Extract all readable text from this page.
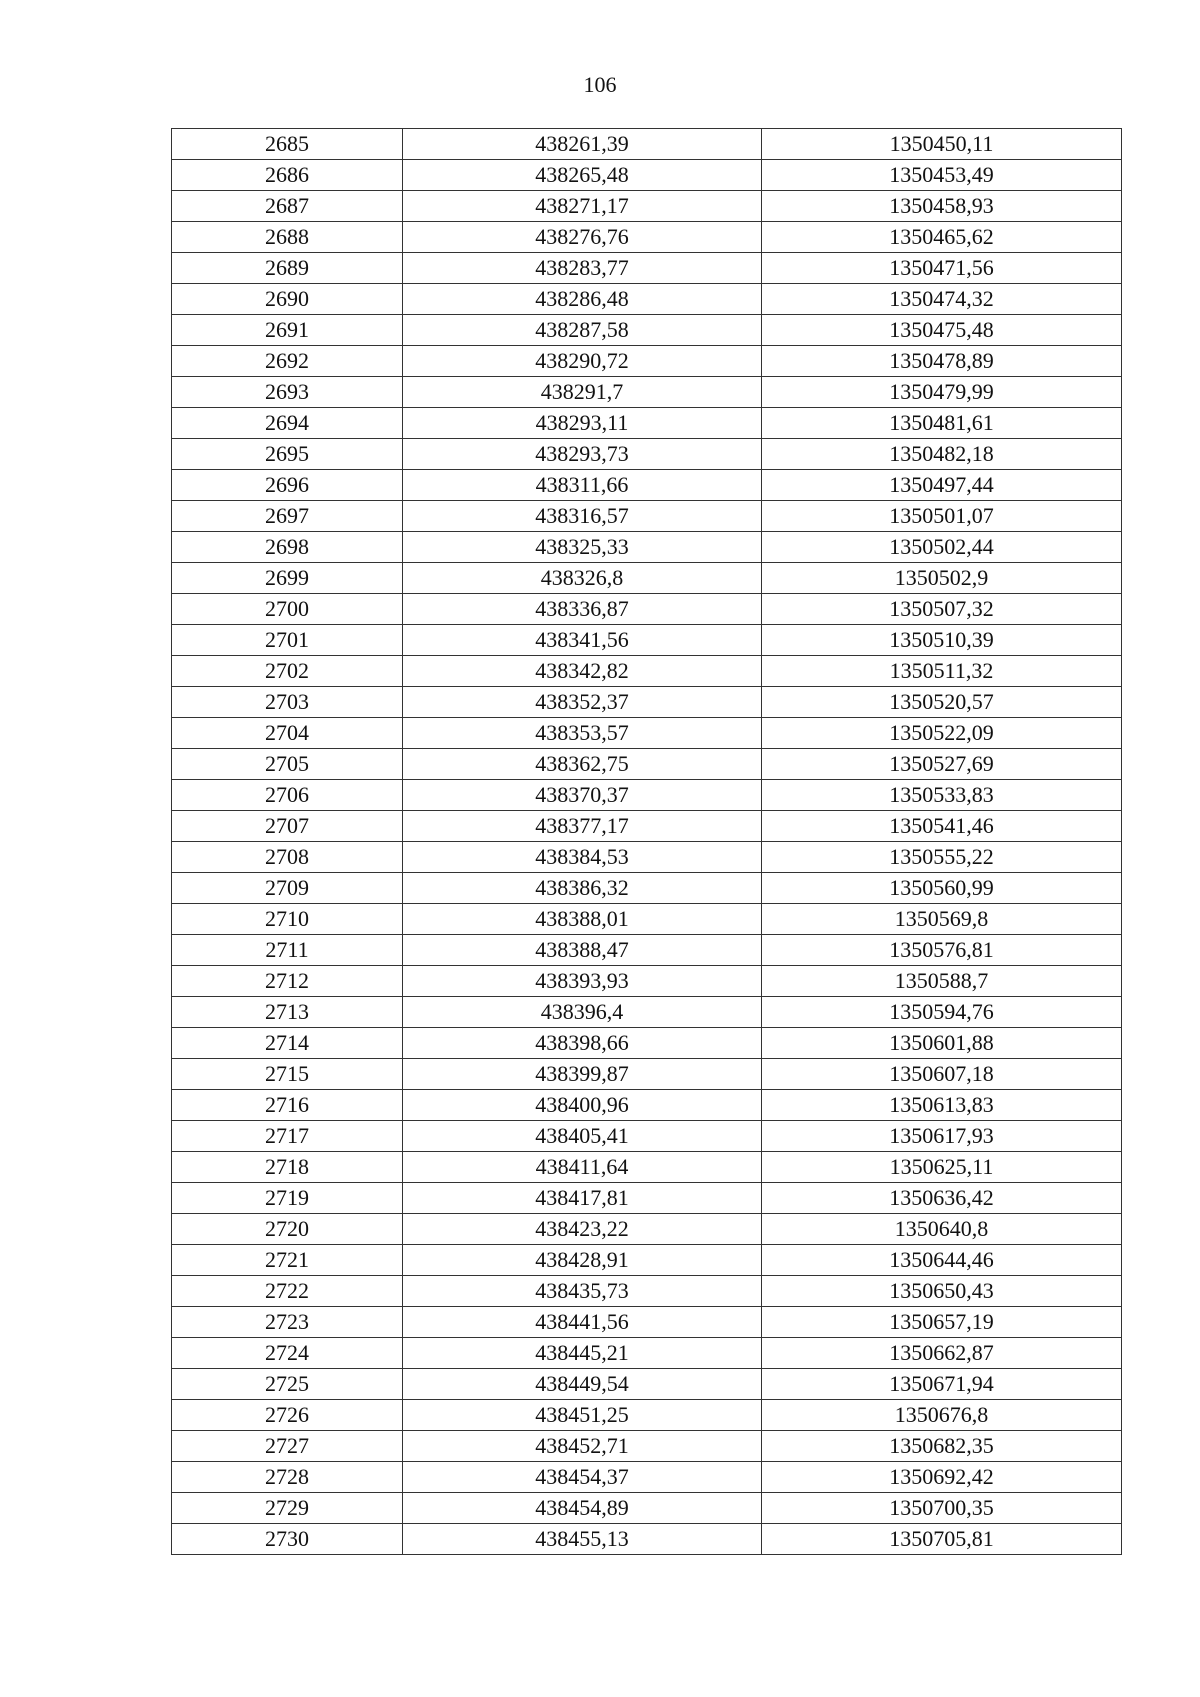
106
2685	438261,39	1350450,11
2686	438265,48	1350453,49
2687	438271,17	1350458,93
2688	438276,76	1350465,62
2689	438283,77	1350471,56
2690	438286,48	1350474,32
2691	438287,58	1350475,48
2692	438290,72	1350478,89
2693	438291,7	1350479,99
2694	438293,11	1350481,61
2695	438293,73	1350482,18
2696	438311,66	1350497,44
2697	438316,57	1350501,07
2698	438325,33	1350502,44
2699	438326,8	1350502,9
2700	438336,87	1350507,32
2701	438341,56	1350510,39
2702	438342,82	1350511,32
2703	438352,37	1350520,57
2704	438353,57	1350522,09
2705	438362,75	1350527,69
2706	438370,37	1350533,83
2707	438377,17	1350541,46
2708	438384,53	1350555,22
2709	438386,32	1350560,99
2710	438388,01	1350569,8
2711	438388,47	1350576,81
2712	438393,93	1350588,7
2713	438396,4	1350594,76
2714	438398,66	1350601,88
2715	438399,87	1350607,18
2716	438400,96	1350613,83
2717	438405,41	1350617,93
2718	438411,64	1350625,11
2719	438417,81	1350636,42
2720	438423,22	1350640,8
2721	438428,91	1350644,46
2722	438435,73	1350650,43
2723	438441,56	1350657,19
2724	438445,21	1350662,87
2725	438449,54	1350671,94
2726	438451,25	1350676,8
2727	438452,71	1350682,35
2728	438454,37	1350692,42
2729	438454,89	1350700,35
2730	438455,13	1350705,81
